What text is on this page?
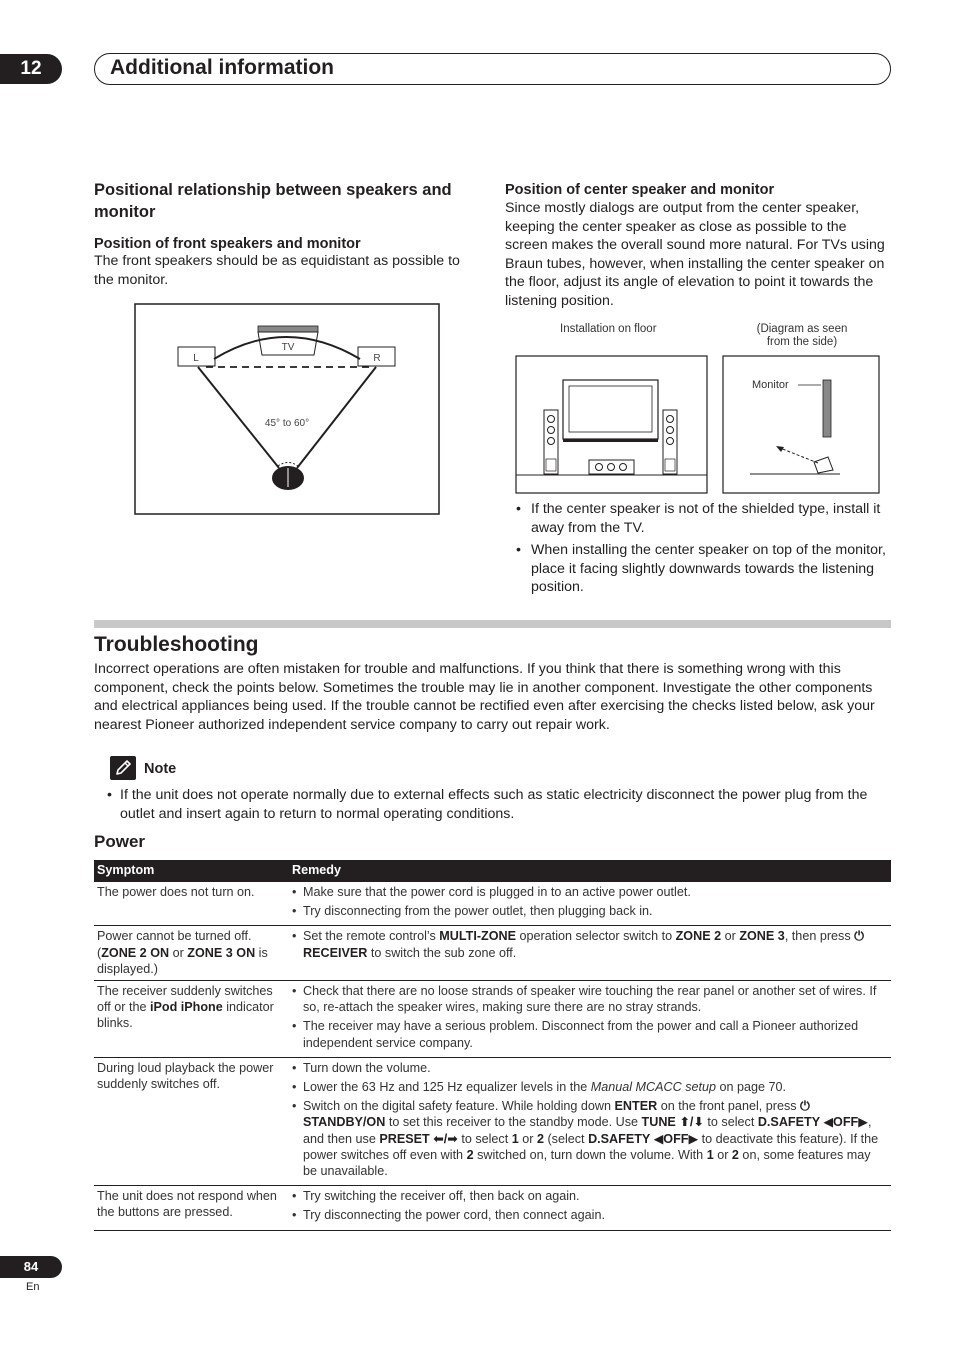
12	Additional information
Positional relationship between speakers and monitor
Position of front speakers and monitor
The front speakers should be as equidistant as possible to the monitor.
TV
L	R
45° to 60°
Position of center speaker and monitor
Since mostly dialogs are output from the center speaker, keeping the center speaker as close as possible to the screen makes the overall sound more natural. For TVs using Braun tubes, however, when installing the center speaker on the floor, adjust its angle of elevation to point it towards the listening position.
Installation on floor	(Diagram as seen
from the side)
Monitor
• If the center speaker is not of the shielded type, install it away from the TV.
• When installing the center speaker on top of the monitor, place it facing slightly downwards towards the listening position.
Troubleshooting
Incorrect operations are often mistaken for trouble and malfunctions. If you think that there is something wrong with this component, check the points below. Sometimes the trouble may lie in another component. Investigate the other components and electrical appliances being used. If the trouble cannot be rectified even after exercising the checks listed below, ask your nearest Pioneer authorized independent service company to carry out repair work.
Note
• If the unit does not operate normally due to external effects such as static electricity disconnect the power plug from the outlet and insert again to return to normal operating conditions.
Power
Symptom	Remedy
The power does not turn on.	• Make sure that the power cord is plugged in to an active power outlet.
• Try disconnecting from the power outlet, then plugging back in.

Power cannot be turned off. (ZONE 2 ON or ZONE 3 ON is displayed.)	• Set the remote control’s MULTI-ZONE operation selector switch to ZONE 2 or ZONE 3, then press ⏻ RECEIVER to switch the sub zone off.

The receiver suddenly switches off or the iPod iPhone indicator blinks.	• Check that there are no loose strands of speaker wire touching the rear panel or another set of wires. If so, re-attach the speaker wires, making sure there are no stray strands.
• The receiver may have a serious problem. Disconnect from the power and call a Pioneer authorized independent service company.

During loud playback the power suddenly switches off.	• Turn down the volume.
• Lower the 63 Hz and 125 Hz equalizer levels in the Manual MCACC setup on page 70.
• Switch on the digital safety feature. While holding down ENTER on the front panel, press ⏻ STANDBY/ON to set this receiver to the standby mode. Use TUNE ⬆/⬇ to select D.SAFETY ◀OFF▶, and then use PRESET ⬅/➡ to select 1 or 2 (select D.SAFETY ◀OFF▶ to deactivate this feature). If the power switches off even with 2 switched on, turn down the volume. With 1 or 2 on, some features may be unavailable.

The unit does not respond when the buttons are pressed.	• Try switching the receiver off, then back on again.
• Try disconnecting the power cord, then connect again.
84
En
